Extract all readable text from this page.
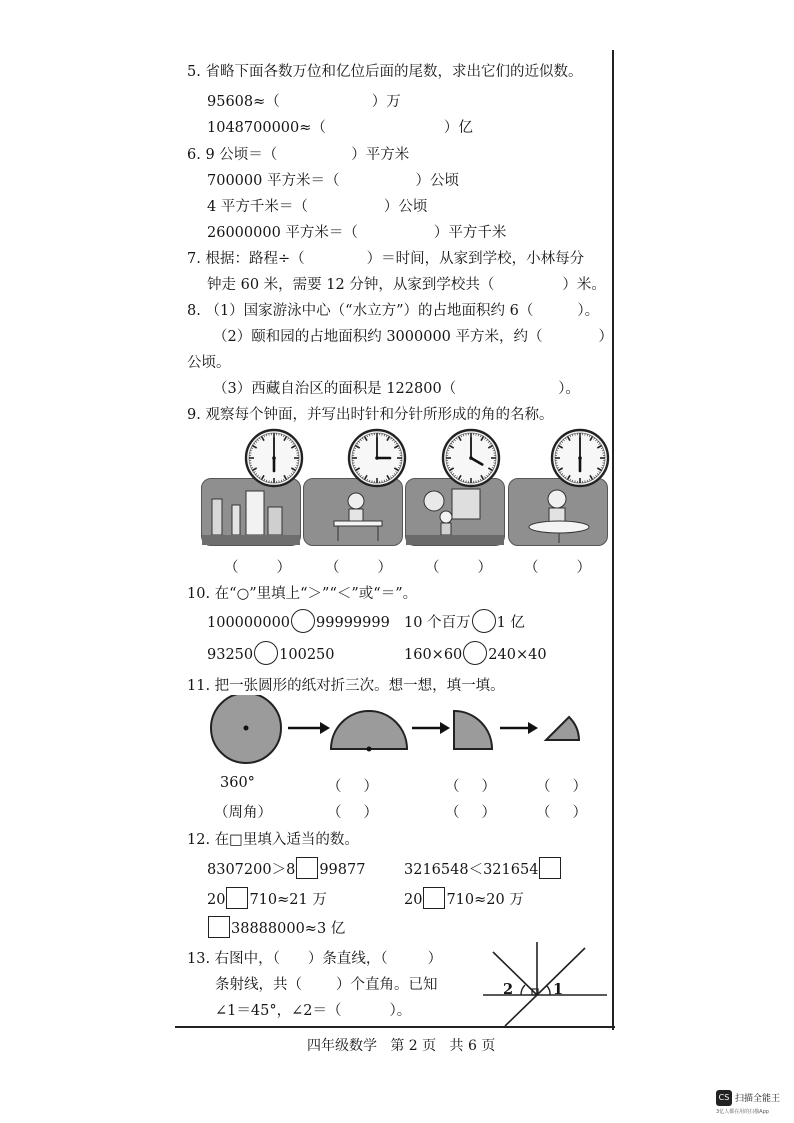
5. 省略下面各数万位和亿位后面的尾数，求出它们的近似数。
95608≈（	）万
1048700000≈（	）亿
6. 9 公顷＝（	）平方米
700000 平方米＝（	）公顷
4 平方千米＝（	）公顷
26000000 平方米＝（	）平方千米
7. 根据：路程÷（	）＝时间，从家到学校，小林每分
钟走 60 米，需要 12 分钟，从家到学校共（	）米。
8. （1）国家游泳中心（“水立方”）的占地面积约 6（	）。
（2）颐和园的占地面积约 3000000 平方米，约（	）
公顷。
（3）西藏自治区的面积是 122800（	）。
9. 观察每个钟面，并写出时针和分针所形成的角的名称。
（	） （	） （	） （	）
10. 在“○”里填上“＞”“＜”或“＝”。
100000000 99999999 10 个百万 1 亿
93250 100250	160×60 240×40
11. 把一张圆形的纸对折三次。想一想，填一填。
360°	（ ）	（ ）	（ ）
（周角）	（ ）	（ ）	（ ）
12. 在□里填入适当的数。
8307200＞8 99877	3216548＜321654
20 710≈21 万	20 710≈20 万
38888000≈3 亿
13. 右图中，（ ）条直线，（	）
条射线，共（ ）个直角。已知
∠1＝45°，∠2＝（	）。
2	1
四年级数学   第 2 页   共 6 页
CS 扫描全能王
3亿人都在用的扫描App
